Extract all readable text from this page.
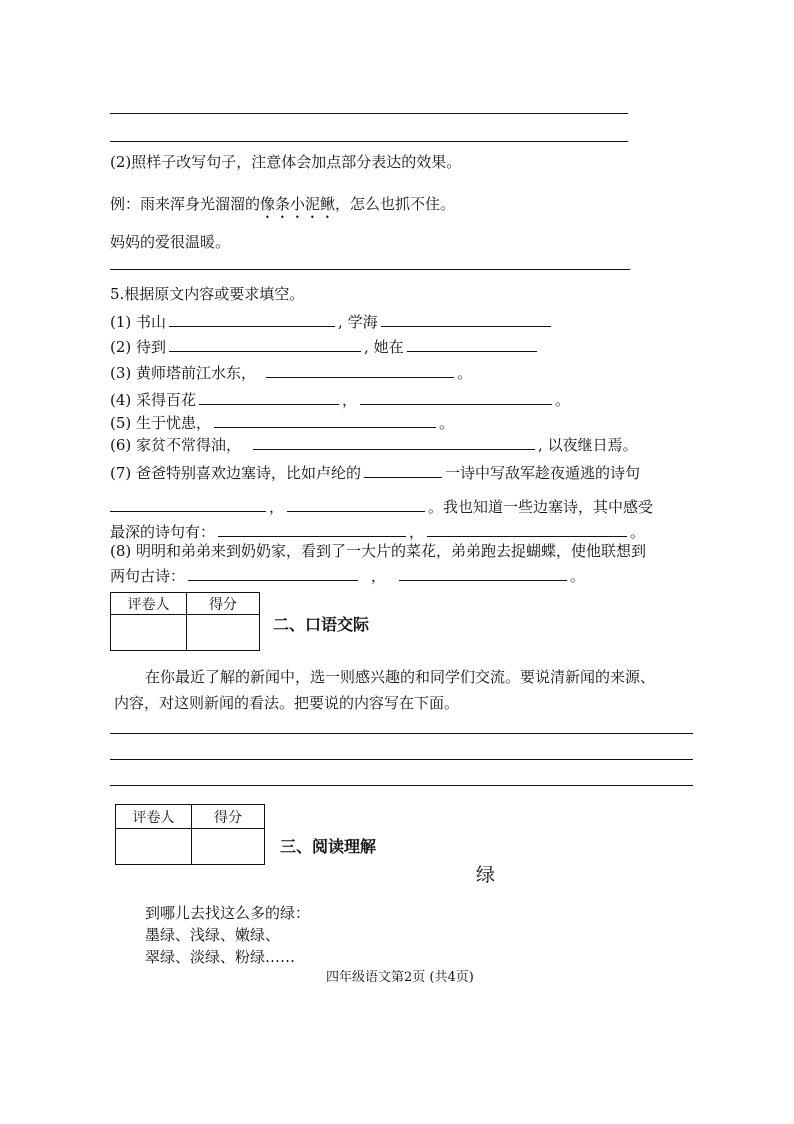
(2)照样子改写句子，注意体会加点部分表达的效果。
例：雨来浑身光溜溜的像条小泥鳅，怎么也抓不住。
妈妈的爱很温暖。
5.根据原文内容或要求填空。
(1) 书山	, 学海
(2) 待到	, 她在
(3) 黄师塔前江水东，	。
(4) 采得百花	，	。
(5) 生于忧患，	。
(6) 家贫不常得油，	, 以夜继日焉。
(7) 爸爸特别喜欢边塞诗，比如卢纶的	一诗中写敌军趁夜遁逃的诗句
，	。我也知道一些边塞诗，其中感受
最深的诗句有：	，	。
(8) 明明和弟弟来到奶奶家，看到了一大片的菜花，弟弟跑去捉蝴蝶，使他联想到
两句古诗：	，	。
评卷人	得分

二、口语交际
在你最近了解的新闻中，选一则感兴趣的和同学们交流。要说清新闻的来源、
内容，对这则新闻的看法。把要说的内容写在下面。
评卷人	得分

三、阅读理解
绿
到哪儿去找这么多的绿：
墨绿、浅绿、嫩绿、
翠绿、淡绿、粉绿……
四年级语文第2页 (共4页)
